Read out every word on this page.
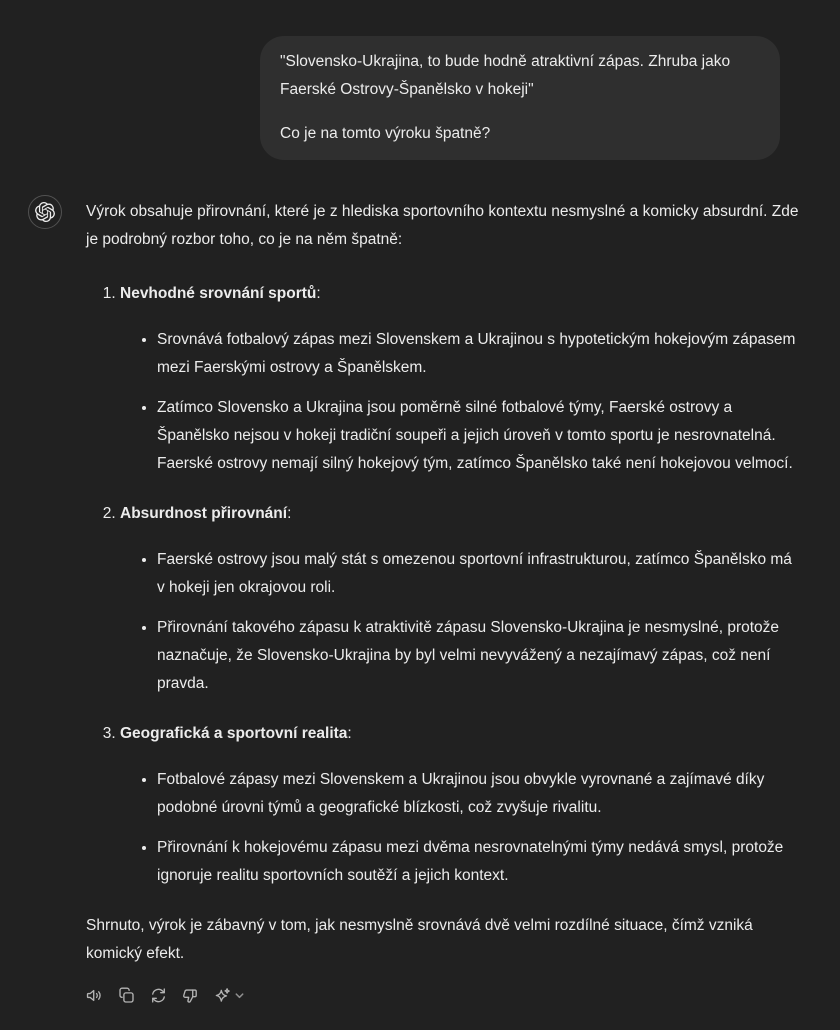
"Slovensko-Ukrajina, to bude hodně atraktivní zápas. Zhruba jako Faerské Ostrovy-Španělsko v hokeji"

Co je na tomto výroku špatně?

Výrok obsahuje přirovnání, které je z hlediska sportovního kontextu nesmyslné a komicky absurdní. Zde je podrobný rozbor toho, co je na něm špatně:

1. Nevhodné srovnání sportů:

• Srovnává fotbalový zápas mezi Slovenskem a Ukrajinou s hypotetickým hokejovým zápasem mezi Faerskými ostrovy a Španělskem.

• Zatímco Slovensko a Ukrajina jsou poměrně silné fotbalové týmy, Faerské ostrovy a Španělsko nejsou v hokeji tradiční soupeři a jejich úroveň v tomto sportu je nesrovnatelná. Faerské ostrovy nemají silný hokejový tým, zatímco Španělsko také není hokejovou velmocí.

2. Absurdnost přirovnání:

• Faerské ostrovy jsou malý stát s omezenou sportovní infrastrukturou, zatímco Španělsko má v hokeji jen okrajovou roli.

• Přirovnání takového zápasu k atraktivitě zápasu Slovensko-Ukrajina je nesmyslné, protože naznačuje, že Slovensko-Ukrajina by byl velmi nevyvážený a nezajímavý zápas, což není pravda.

3. Geografická a sportovní realita:

• Fotbalové zápasy mezi Slovenskem a Ukrajinou jsou obvykle vyrovnané a zajímavé díky podobné úrovni týmů a geografické blízkosti, což zvyšuje rivalitu.

• Přirovnání k hokejovému zápasu mezi dvěma nesrovnatelnými týmy nedává smysl, protože ignoruje realitu sportovních soutěží a jejich kontext.

Shrnuto, výrok je zábavný v tom, jak nesmyslně srovnává dvě velmi rozdílné situace, čímž vzniká komický efekt.
